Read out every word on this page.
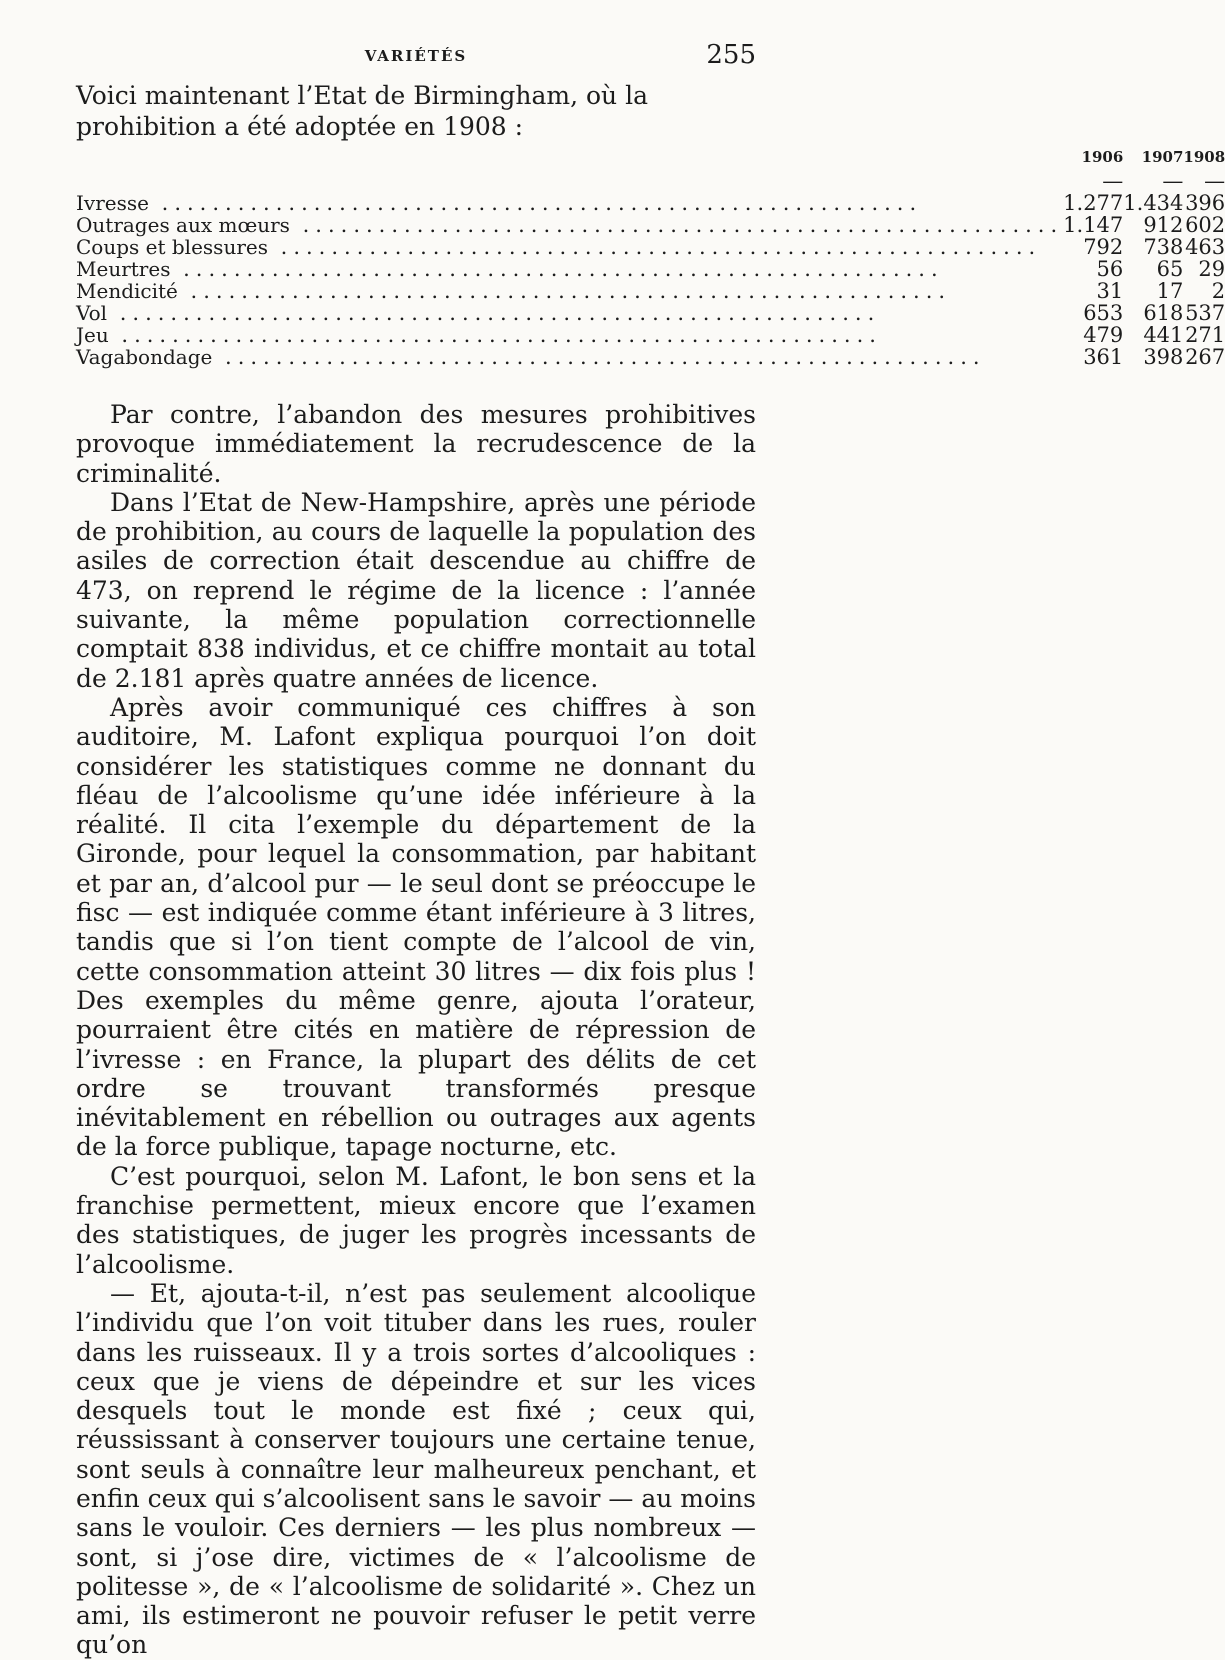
VARIÉTÉS	255

Voici maintenant l’Etat de Birmingham, où la prohibition a été adoptée en 1908 :

	1906	1907	1908
	—	—	—
Ivresse ............................................................	1.277	1.434	396
Outrages aux mœurs ............................................................	1.147	912	602
Coups et blessures ............................................................	792	738	463
Meurtres ............................................................	56	65	29
Mendicité ............................................................	31	17	2
Vol ............................................................	653	618	537
Jeu ............................................................	479	441	271
Vagabondage ............................................................	361	398	267

Par contre, l’abandon des mesures prohibitives provoque immédiatement la recrudescence de la criminalité.

Dans l’Etat de New-Hampshire, après une période de prohibition, au cours de laquelle la population des asiles de correction était descendue au chiffre de 473, on reprend le régime de la licence : l’année suivante, la même population correctionnelle comptait 838 individus, et ce chiffre montait au total de 2.181 après quatre années de licence.

Après avoir communiqué ces chiffres à son auditoire, M. Lafont expliqua pourquoi l’on doit considérer les statistiques comme ne donnant du fléau de l’alcoolisme qu’une idée inférieure à la réalité. Il cita l’exemple du département de la Gironde, pour lequel la consommation, par habitant et par an, d’alcool pur — le seul dont se préoccupe le fisc — est indiquée comme étant inférieure à 3 litres, tandis que si l’on tient compte de l’alcool de vin, cette consommation atteint 30 litres — dix fois plus ! Des exemples du même genre, ajouta l’orateur, pourraient être cités en matière de répression de l’ivresse : en France, la plupart des délits de cet ordre se trouvant transformés presque inévitablement en rébellion ou outrages aux agents de la force publique, tapage nocturne, etc.

C’est pourquoi, selon M. Lafont, le bon sens et la franchise permettent, mieux encore que l’examen des statistiques, de juger les progrès incessants de l’alcoolisme.

— Et, ajouta-t-il, n’est pas seulement alcoolique l’individu que l’on voit tituber dans les rues, rouler dans les ruisseaux. Il y a trois sortes d’alcooliques : ceux que je viens de dépeindre et sur les vices desquels tout le monde est fixé ; ceux qui, réussissant à conserver toujours une certaine tenue, sont seuls à connaître leur malheureux penchant, et enfin ceux qui s’alcoolisent sans le savoir — au moins sans le vouloir. Ces derniers — les plus nombreux — sont, si j’ose dire, victimes de « l’alcoolisme de politesse », de « l’alcoolisme de solidarité ». Chez un ami, ils estimeront ne pouvoir refuser le petit verre qu’on
